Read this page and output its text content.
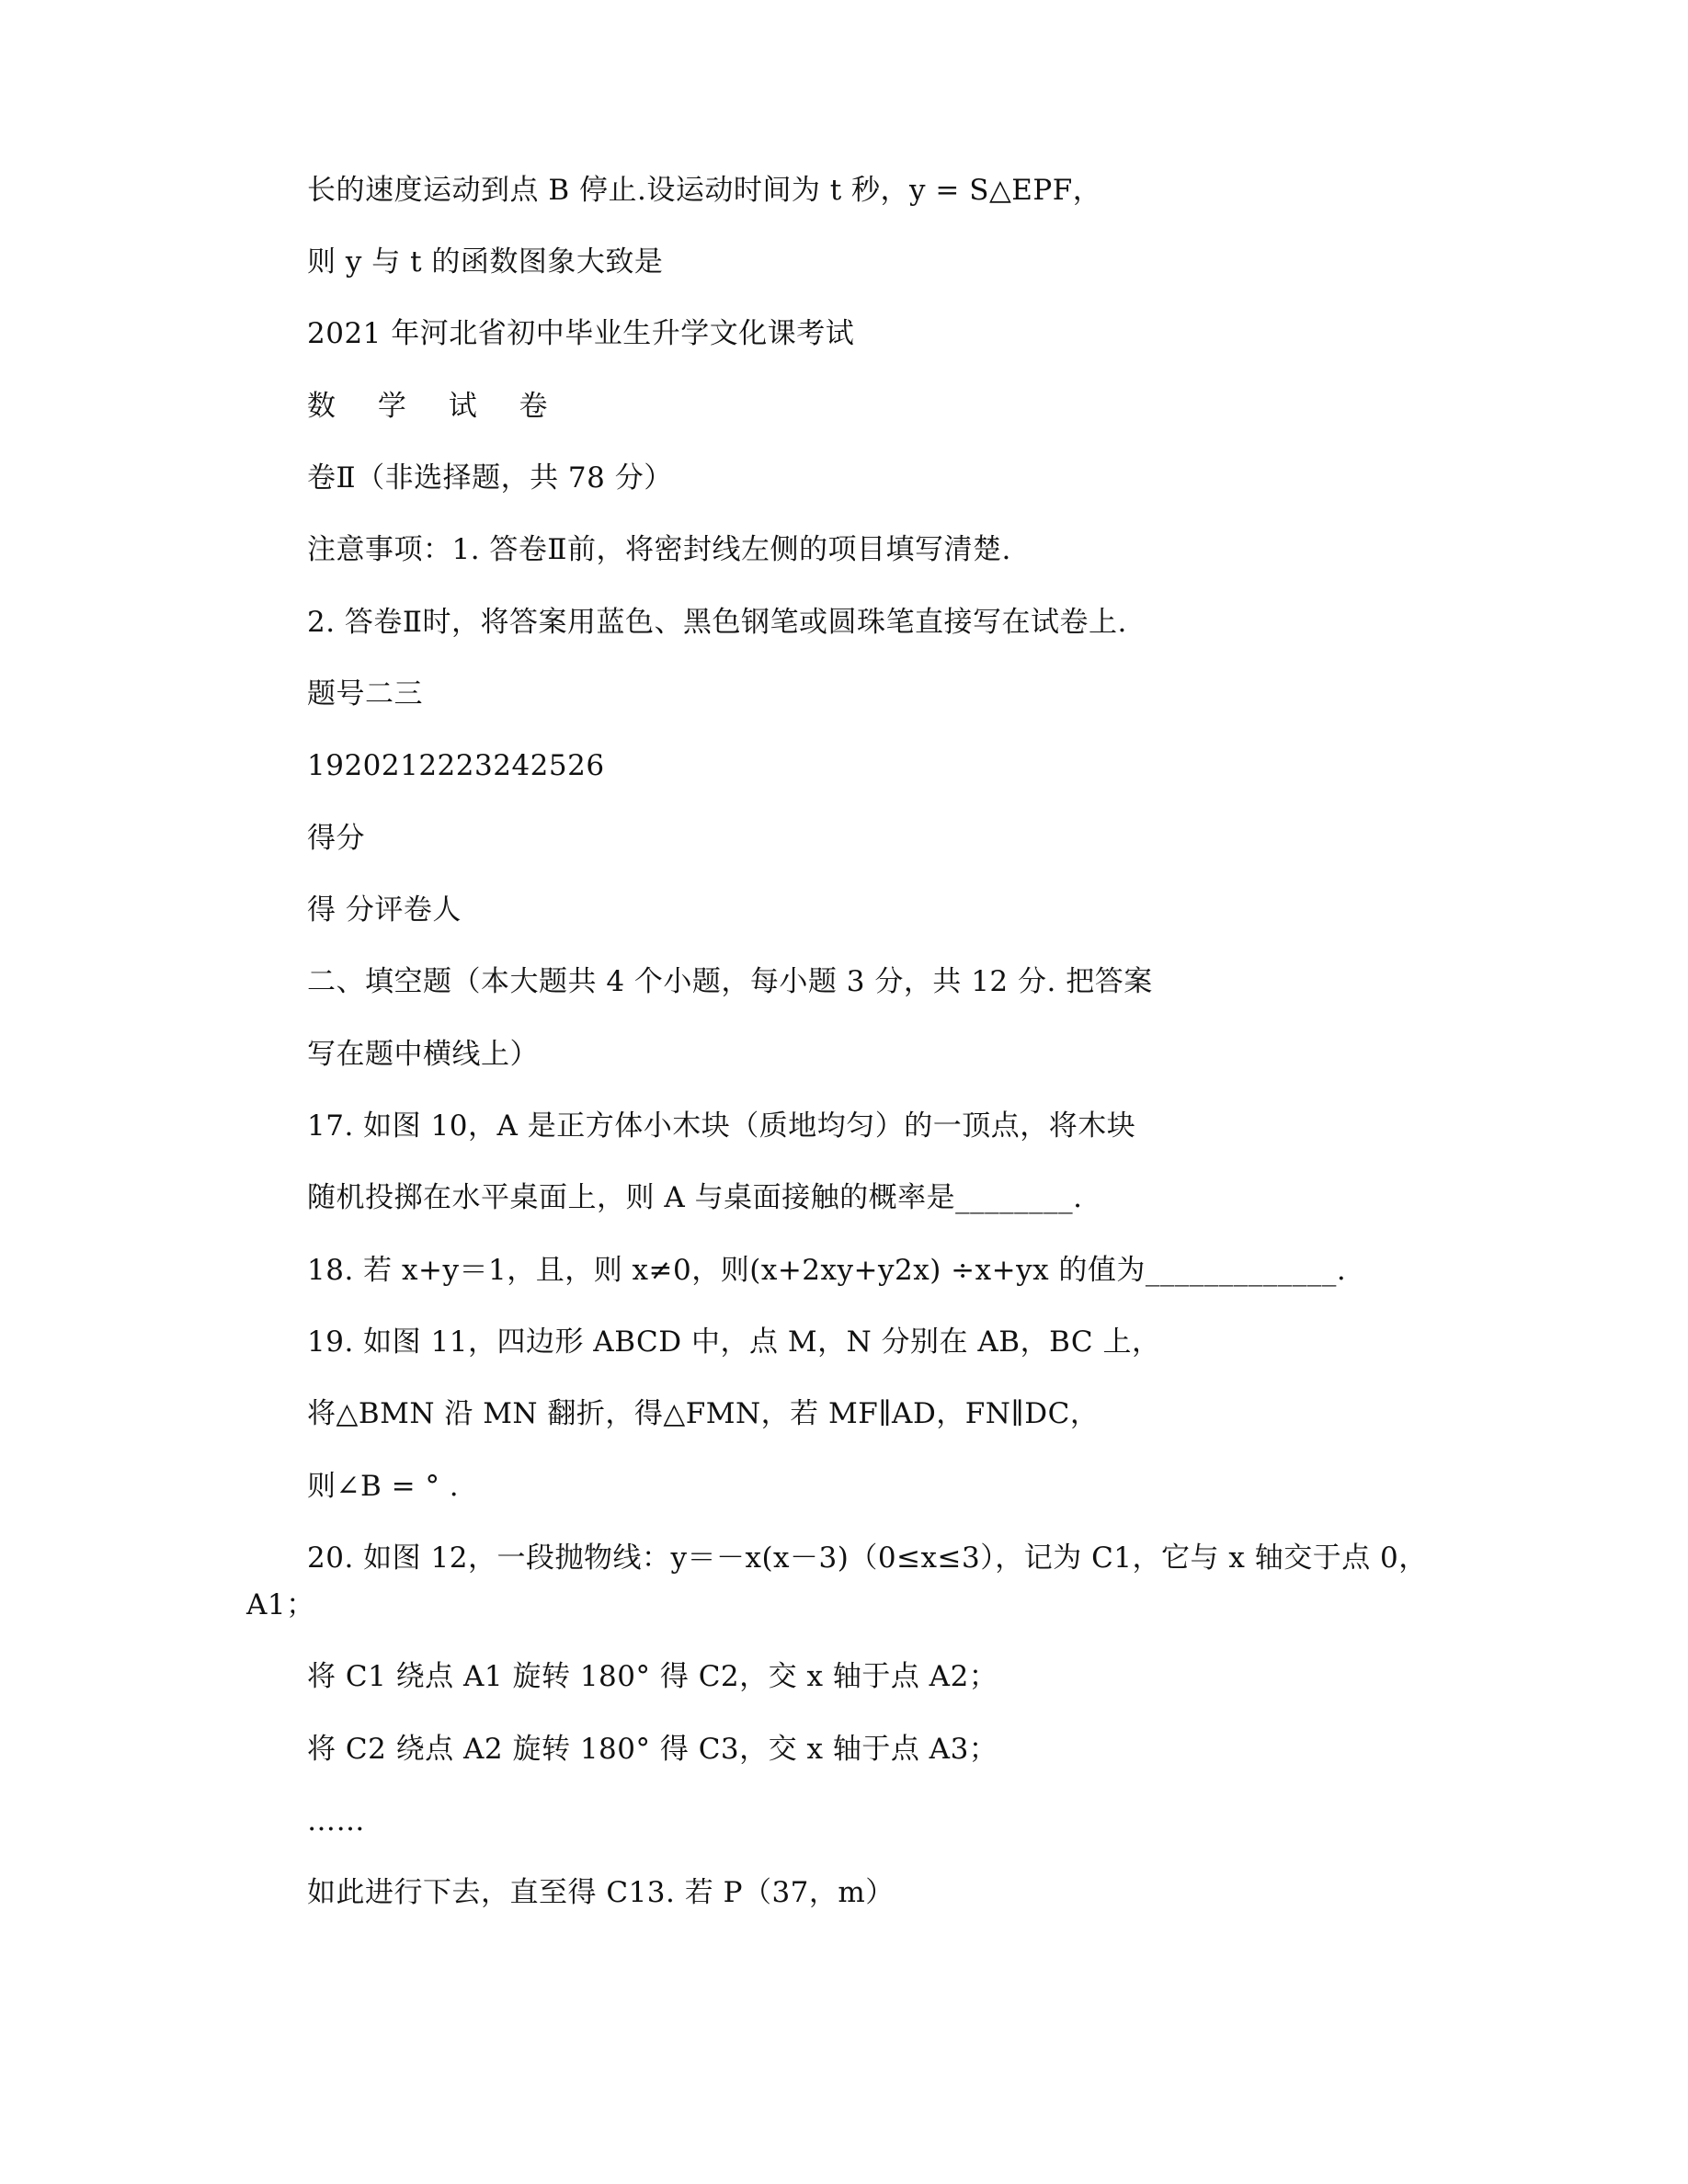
长的速度运动到点 B 停止.设运动时间为 t 秒，y = S△EPF，
则 y 与 t 的函数图象大致是
2021 年河北省初中毕业生升学文化课考试
数 学 试 卷
卷Ⅱ（非选择题，共 78 分）
注意事项：1. 答卷Ⅱ前，将密封线左侧的项目填写清楚.
2. 答卷Ⅱ时，将答案用蓝色、黑色钢笔或圆珠笔直接写在试卷上.
题号二三
1920212223242526
得分
得 分评卷人
二、填空题（本大题共 4 个小题，每小题 3 分，共 12 分. 把答案
写在题中横线上）
17. 如图 10，A 是正方体小木块（质地均匀）的一顶点，将木块
随机投掷在水平桌面上，则 A 与桌面接触的概率是________.
18. 若 x+y＝1，且，则 x≠0，则(x+2xy+y2x) ÷x+yx 的值为_____________.
19. 如图 11，四边形 ABCD 中，点 M，N 分别在 AB，BC 上，
将△BMN 沿 MN 翻折，得△FMN，若 MF∥AD，FN∥DC，
则∠B = ° .
20. 如图 12，一段抛物线：y＝－x(x－3)（0≤x≤3），记为 C1，它与 x 轴交于点 0，
A1；
将 C1 绕点 A1 旋转 180° 得 C2，交 x 轴于点 A2；
将 C2 绕点 A2 旋转 180° 得 C3，交 x 轴于点 A3；
……
如此进行下去，直至得 C13. 若 P（37，m）
